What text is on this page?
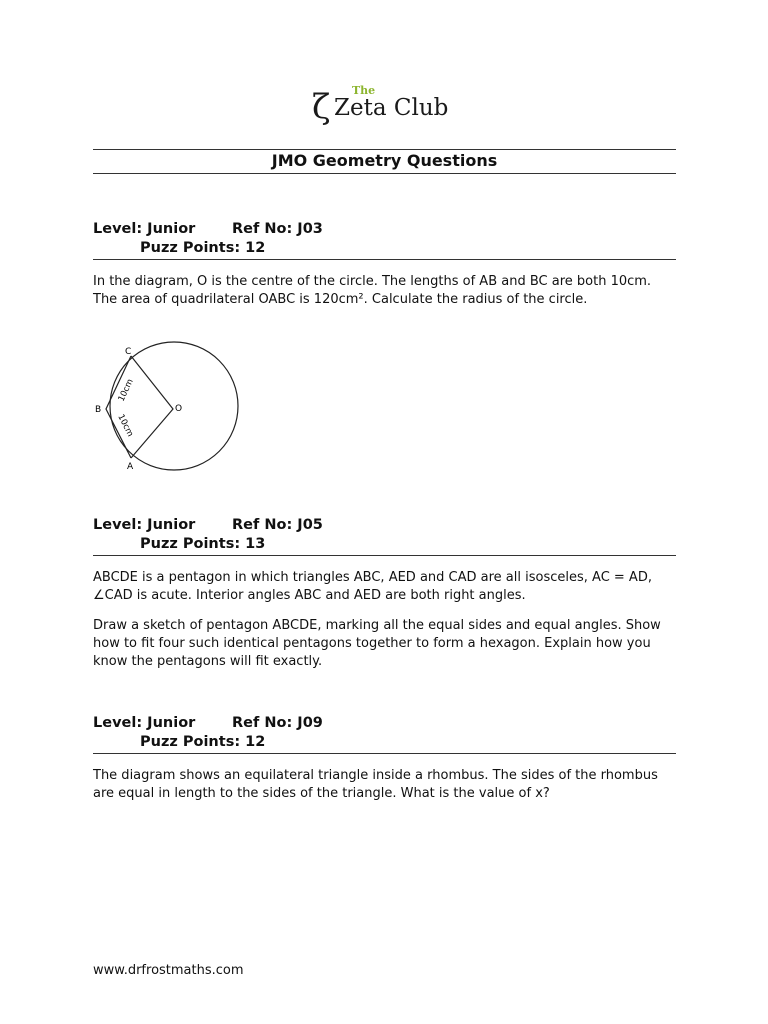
ζ The
Zeta Club
JMO Geometry Questions
Level: Junior	Ref No: J03
Puzz Points: 12

In the diagram, O is the centre of the circle. The lengths of AB and BC are both 10cm. The area of quadrilateral OABC is 120cm². Calculate the radius of the circle.

C
B	O
A
10cm
10cm
Level: Junior	Ref No: J05
Puzz Points: 13

ABCDE is a pentagon in which triangles ABC, AED and CAD are all isosceles, AC = AD, ∠CAD is acute. Interior angles ABC and AED are both right angles.

Draw a sketch of pentagon ABCDE, marking all the equal sides and equal angles. Show how to fit four such identical pentagons together to form a hexagon. Explain how you know the pentagons will fit exactly.

Level: Junior	Ref No: J09
Puzz Points: 12

The diagram shows an equilateral triangle inside a rhombus. The sides of the rhombus are equal in length to the sides of the triangle. What is the value of x?

www.drfrostmaths.com
